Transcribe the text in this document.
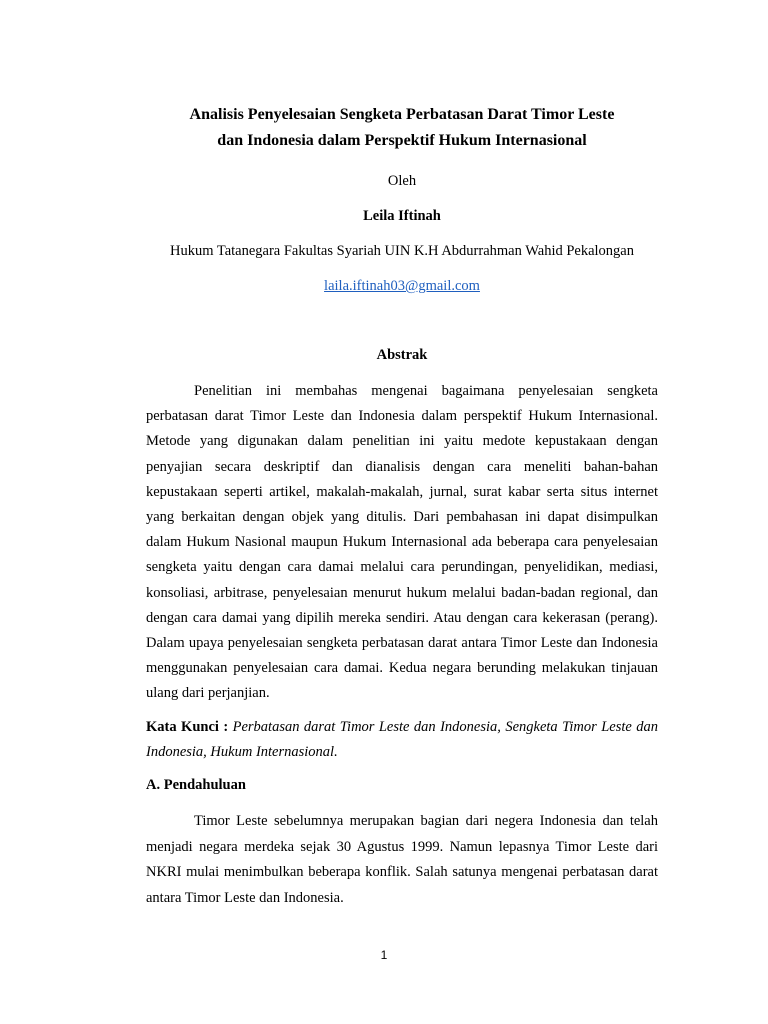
Analisis Penyelesaian Sengketa Perbatasan Darat Timor Leste
dan Indonesia dalam Perspektif Hukum Internasional
Oleh
Leila Iftinah
Hukum Tatanegara Fakultas Syariah UIN K.H Abdurrahman Wahid Pekalongan
laila.iftinah03@gmail.com
Abstrak
Penelitian ini membahas mengenai bagaimana penyelesaian sengketa perbatasan darat Timor Leste dan Indonesia dalam perspektif Hukum Internasional. Metode yang digunakan dalam penelitian ini yaitu medote kepustakaan dengan penyajian secara deskriptif dan dianalisis dengan cara meneliti bahan-bahan kepustakaan seperti artikel, makalah-makalah, jurnal, surat kabar serta situs internet yang berkaitan dengan objek yang ditulis. Dari pembahasan ini dapat disimpulkan dalam Hukum Nasional maupun Hukum Internasional ada beberapa cara penyelesaian sengketa yaitu dengan cara damai melalui cara perundingan, penyelidikan, mediasi, konsoliasi, arbitrase, penyelesaian menurut hukum melalui badan-badan regional, dan dengan cara damai yang dipilih mereka sendiri. Atau dengan cara kekerasan (perang). Dalam upaya penyelesaian sengketa perbatasan darat antara Timor Leste dan Indonesia menggunakan penyelesaian cara damai. Kedua negara berunding melakukan tinjauan ulang dari perjanjian.
Kata Kunci : Perbatasan darat Timor Leste dan Indonesia, Sengketa Timor Leste dan Indonesia, Hukum Internasional.
A. Pendahuluan
Timor Leste sebelumnya merupakan bagian dari negera Indonesia dan telah menjadi negara merdeka sejak 30 Agustus 1999. Namun lepasnya Timor Leste dari NKRI mulai menimbulkan beberapa konflik. Salah satunya mengenai perbatasan darat antara Timor Leste dan Indonesia.
1
